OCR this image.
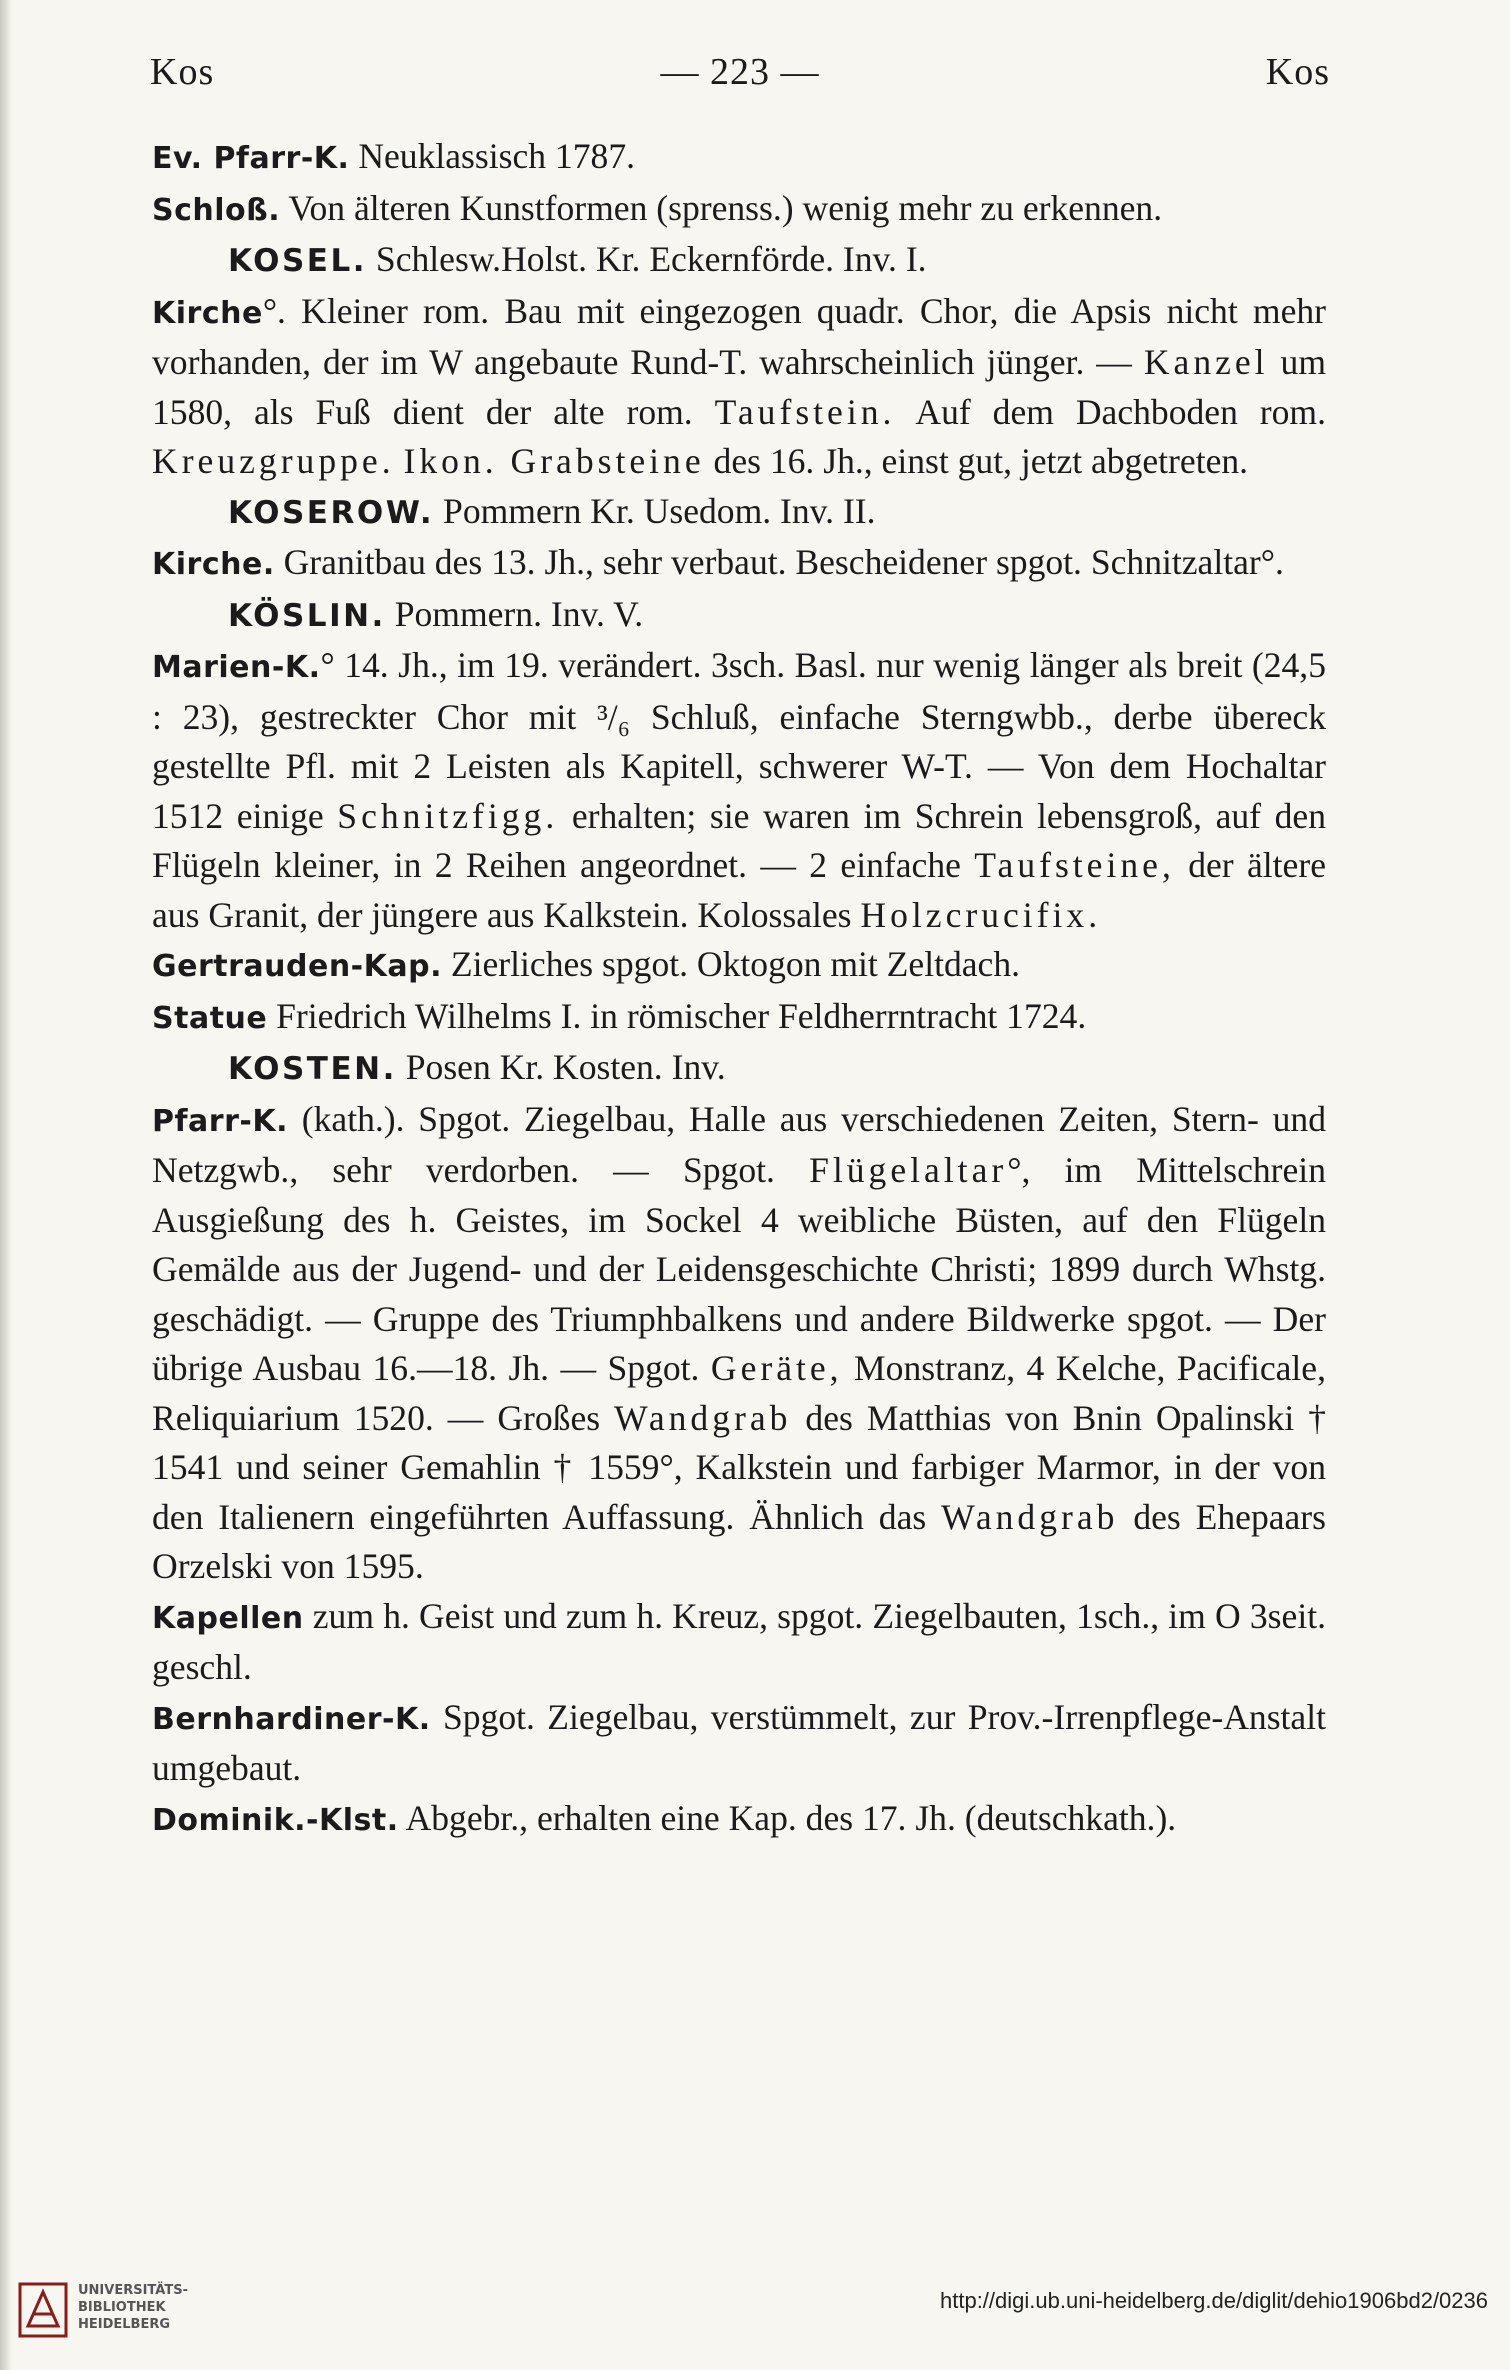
Kos	— 223 —	Kos

Ev. Pfarr-K. Neuklassisch 1787.

Schloß. Von älteren Kunstformen (sprenss.) wenig mehr zu erkennen.

KOSEL. Schlesw.Holst. Kr. Eckernförde. Inv. I.

Kirche°. Kleiner rom. Bau mit eingezogen quadr. Chor, die Apsis nicht mehr vorhanden, der im W angebaute Rund-T. wahrscheinlich jünger. — Kanzel um 1580, als Fuß dient der alte rom. Taufstein. Auf dem Dachboden rom. Kreuzgruppe. Ikon. Grabsteine des 16. Jh., einst gut, jetzt abgetreten.

KOSEROW. Pommern Kr. Usedom. Inv. II.

Kirche. Granitbau des 13. Jh., sehr verbaut. Bescheidener spgot. Schnitzaltar°.

KÖSLIN. Pommern. Inv. V.

Marien-K.° 14. Jh., im 19. verändert. 3sch. Basl. nur wenig länger als breit (24,5 : 23), gestreckter Chor mit ³/₆ Schluß, einfache Sterngwbb., derbe übereck gestellte Pfl. mit 2 Leisten als Kapitell, schwerer W-T. — Von dem Hochaltar 1512 einige Schnitzfigg. erhalten; sie waren im Schrein lebensgroß, auf den Flügeln kleiner, in 2 Reihen angeordnet. — 2 einfache Taufsteine, der ältere aus Granit, der jüngere aus Kalkstein. Kolossales Holzcrucifix.

Gertrauden-Kap. Zierliches spgot. Oktogon mit Zeltdach.

Statue Friedrich Wilhelms I. in römischer Feldherrntracht 1724.

KOSTEN. Posen Kr. Kosten. Inv.

Pfarr-K. (kath.). Spgot. Ziegelbau, Halle aus verschiedenen Zeiten, Stern- und Netzgwb., sehr verdorben. — Spgot. Flügelaltar°, im Mittelschrein Ausgießung des h. Geistes, im Sockel 4 weibliche Büsten, auf den Flügeln Gemälde aus der Jugend- und der Leidensgeschichte Christi; 1899 durch Whstg. geschädigt. — Gruppe des Triumphbalkens und andere Bildwerke spgot. — Der übrige Ausbau 16.—18. Jh. — Spgot. Geräte, Monstranz, 4 Kelche, Pacificale, Reliquiarium 1520. — Großes Wandgrab des Matthias von Bnin Opalinski † 1541 und seiner Gemahlin † 1559°, Kalkstein und farbiger Marmor, in der von den Italienern eingeführten Auffassung. Ähnlich das Wandgrab des Ehepaars Orzelski von 1595.

Kapellen zum h. Geist und zum h. Kreuz, spgot. Ziegelbauten, 1sch., im O 3seit. geschl.

Bernhardiner-K. Spgot. Ziegelbau, verstümmelt, zur Prov.-Irrenpflege-Anstalt umgebaut.

Dominik.-Klst. Abgebr., erhalten eine Kap. des 17. Jh. (deutschkath.).

UNIVERSITÄTS-
BIBLIOTHEK
HEIDELBERG
http://digi.ub.uni-heidelberg.de/diglit/dehio1906bd2/0236
